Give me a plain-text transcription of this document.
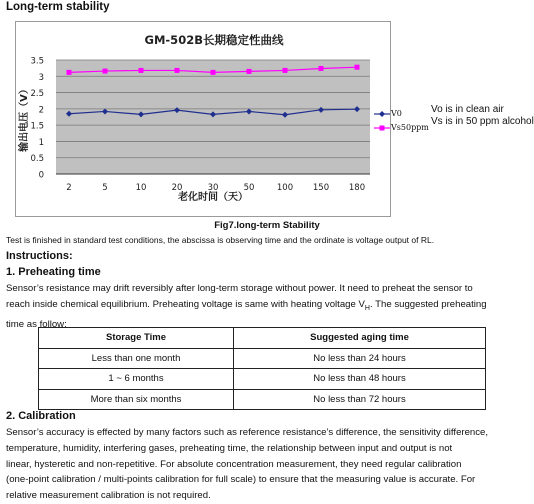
Long-term stability
GM-502B长期稳定性曲线
0
0.5
1
1.5
2
2.5
3
3.5
2	5	10	20	30	50	100 150 180
老化时间（天）
输出电压（V）	Vo is in clean air
Vs is in 50 ppm alcohol
Fig7.long-term Stability
Test is finished in standard test conditions, the abscissa is observing time and the ordinate is voltage output of RL.
Instructions:
1. Preheating time
Sensor’s resistance may drift reversibly after long-term storage without power. It need to preheat the sensor to
reach inside chemical equilibrium. Preheating voltage is same with heating voltage $V_H$. The suggested preheating
time as follow:
Storage Time	Suggested aging time
Less than one month	No less than 24 hours
1 ~ 6 months	No less than 48 hours
More than six months	No less than 72 hours
2. Calibration
Sensor’s accuracy is effected by many factors such as reference resistance’s difference, the sensitivity difference,
temperature, humidity, interfering gases, preheating time, the relationship between input and output is not
linear, hysteretic and non-repetitive. For absolute concentration measurement, they need regular calibration
(one-point calibration / multi-points calibration for full scale) to ensure that the measuring value is accurate. For
relative measurement calibration is not required.
V0
Vs50ppm
